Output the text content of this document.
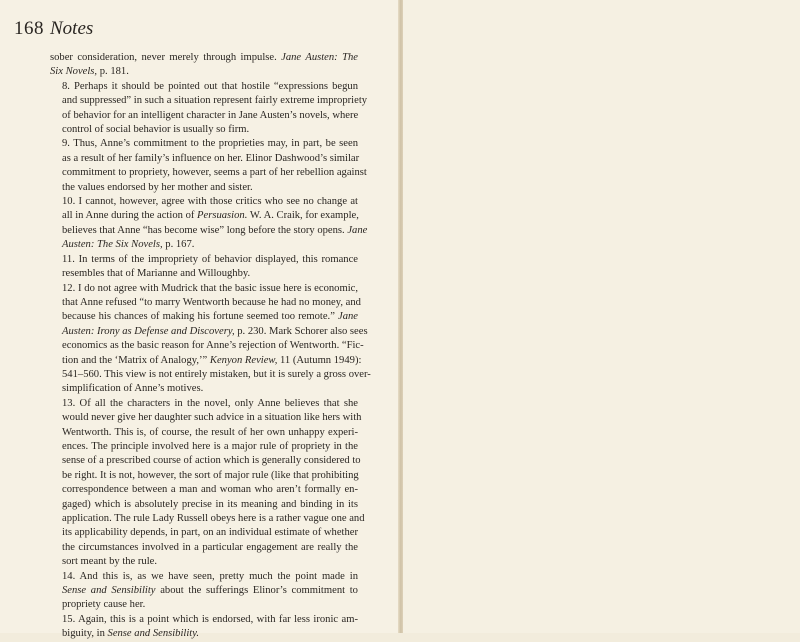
168 Notes

sober consideration, never merely through impulse. Jane Austen: The
Six Novels, p. 181.

8. Perhaps it should be pointed out that hostile “expressions begun
and suppressed” in such a situation represent fairly extreme impropriety
of behavior for an intelligent character in Jane Austen’s novels, where
control of social behavior is usually so firm.

9. Thus, Anne’s commitment to the proprieties may, in part, be seen
as a result of her family’s influence on her. Elinor Dashwood’s similar
commitment to propriety, however, seems a part of her rebellion against
the values endorsed by her mother and sister.

10. I cannot, however, agree with those critics who see no change at
all in Anne during the action of Persuasion. W. A. Craik, for example,
believes that Anne “has become wise” long before the story opens. Jane
Austen: The Six Novels, p. 167.

11. In terms of the impropriety of behavior displayed, this romance
resembles that of Marianne and Willoughby.

12. I do not agree with Mudrick that the basic issue here is economic,
that Anne refused “to marry Wentworth because he had no money, and
because his chances of making his fortune seemed too remote.” Jane
Austen: Irony as Defense and Discovery, p. 230. Mark Schorer also sees
economics as the basic reason for Anne’s rejection of Wentworth. “Fic-
tion and the ‘Matrix of Analogy,’” Kenyon Review, 11 (Autumn 1949):
541–560. This view is not entirely mistaken, but it is surely a gross over-
simplification of Anne’s motives.

13. Of all the characters in the novel, only Anne believes that she
would never give her daughter such advice in a situation like hers with
Wentworth. This is, of course, the result of her own unhappy experi-
ences. The principle involved here is a major rule of propriety in the
sense of a prescribed course of action which is generally considered to
be right. It is not, however, the sort of major rule (like that prohibiting
correspondence between a man and woman who aren’t formally en-
gaged) which is absolutely precise in its meaning and binding in its
application. The rule Lady Russell obeys here is a rather vague one and
its applicability depends, in part, on an individual estimate of whether
the circumstances involved in a particular engagement are really the
sort meant by the rule.

14. And this is, as we have seen, pretty much the point made in
Sense and Sensibility about the sufferings Elinor’s commitment to
propriety cause her.

15. Again, this is a point which is endorsed, with far less ironic am-
biguity, in Sense and Sensibility.
